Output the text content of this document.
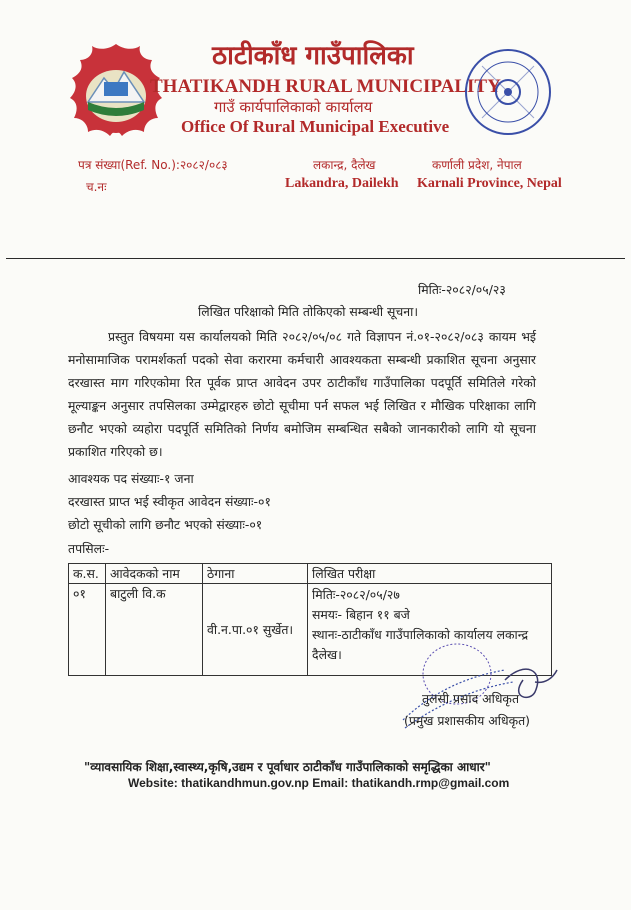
ठाटीकाँध गाउँपालिका
THATIKANDH RURAL MUNICIPALITY
गाउँ कार्यपालिकाको कार्यालय
Office Of Rural Municipal Executive
पत्र संख्या(Ref. No.):२०८२/०८३
च.नः
लकान्द्र, दैलेख
Lakandra, Dailekh
कर्णाली प्रदेश, नेपाल
Karnali Province, Nepal
मितिः-२०८२/०५/२३
लिखित परिक्षाको मिति तोकिएको सम्बन्धी सूचना।
प्रस्तुत विषयमा यस कार्यालयको मिति २०८२/०५/०८ गते विज्ञापन नं.०१-२०८२/०८३ कायम भई मनोसामाजिक परामर्शकर्ता पदको सेवा करारमा कर्मचारी आवश्यकता सम्बन्धी प्रकाशित सूचना अनुसार दरखास्त माग गरिएकोमा रित पूर्वक प्राप्त आवेदन उपर ठाटीकाँध गाउँपालिका पदपूर्ति समितिले गरेको मूल्याङ्कन अनुसार तपसिलका उम्मेद्वारहरु छोटो सूचीमा पर्न सफल भई लिखित र मौखिक परिक्षाका लागि छनौट भएको व्यहोरा पदपूर्ति समितिको निर्णय बमोजिम सम्बन्धित सबैको जानकारीको लागि यो सूचना प्रकाशित गरिएको छ।
आवश्यक पद संख्याः-१ जना
दरखास्त प्राप्त भई स्वीकृत आवेदन संख्याः-०१
छोटो सूचीको लागि छनौट भएको संख्याः-०१
तपसिलः-
क.स.	आवेदकको नाम	ठेगाना	लिखित परीक्षा
०१	बाटुली वि.क	वी.न.पा.०१ सुर्खेत।	मितिः-२०८२/०५/२७
समयः- बिहान ११ बजे
स्थानः-ठाटीकाँध गाउँपालिकाको कार्यालय लकान्द्र दैलेख।
तुलसी प्रसाद अधिकृत
(प्रमुख प्रशासकीय अधिकृत)
"व्यावसायिक शिक्षा,स्वास्थ्य,कृषि,उद्यम र पूर्वाधार ठाटीकाँध गाउँपालिकाको समृद्धिका आधार"
Website: thatikandhmun.gov.np Email: thatikandh.rmp@gmail.com
